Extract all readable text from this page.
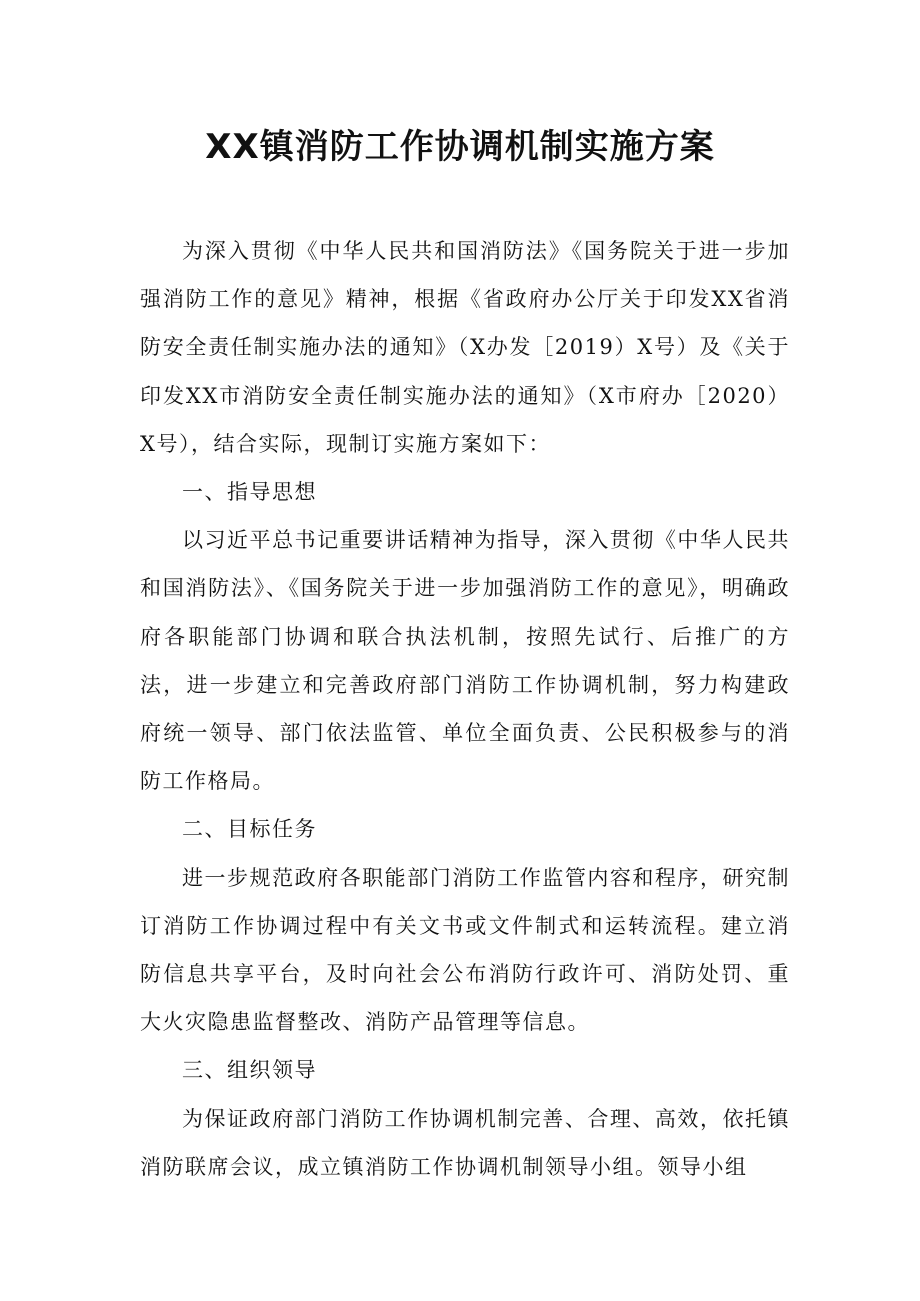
XX镇消防工作协调机制实施方案

为深入贯彻《中华人民共和国消防法》《国务院关于进一步加强消防工作的意见》精神，根据《省政府办公厅关于印发XX省消防安全责任制实施办法的通知》（X办发［2019）X号）及《关于印发XX市消防安全责任制实施办法的通知》（X市府办［2020）X号），结合实际，现制订实施方案如下：

一、指导思想

以习近平总书记重要讲话精神为指导，深入贯彻《中华人民共和国消防法》、《国务院关于进一步加强消防工作的意见》，明确政府各职能部门协调和联合执法机制，按照先试行、后推广的方法，进一步建立和完善政府部门消防工作协调机制，努力构建政府统一领导、部门依法监管、单位全面负责、公民积极参与的消防工作格局。

二、目标任务

进一步规范政府各职能部门消防工作监管内容和程序，研究制订消防工作协调过程中有关文书或文件制式和运转流程。建立消防信息共享平台，及时向社会公布消防行政许可、消防处罚、重大火灾隐患监督整改、消防产品管理等信息。

三、组织领导

为保证政府部门消防工作协调机制完善、合理、高效，依托镇消防联席会议，成立镇消防工作协调机制领导小组。领导小组
